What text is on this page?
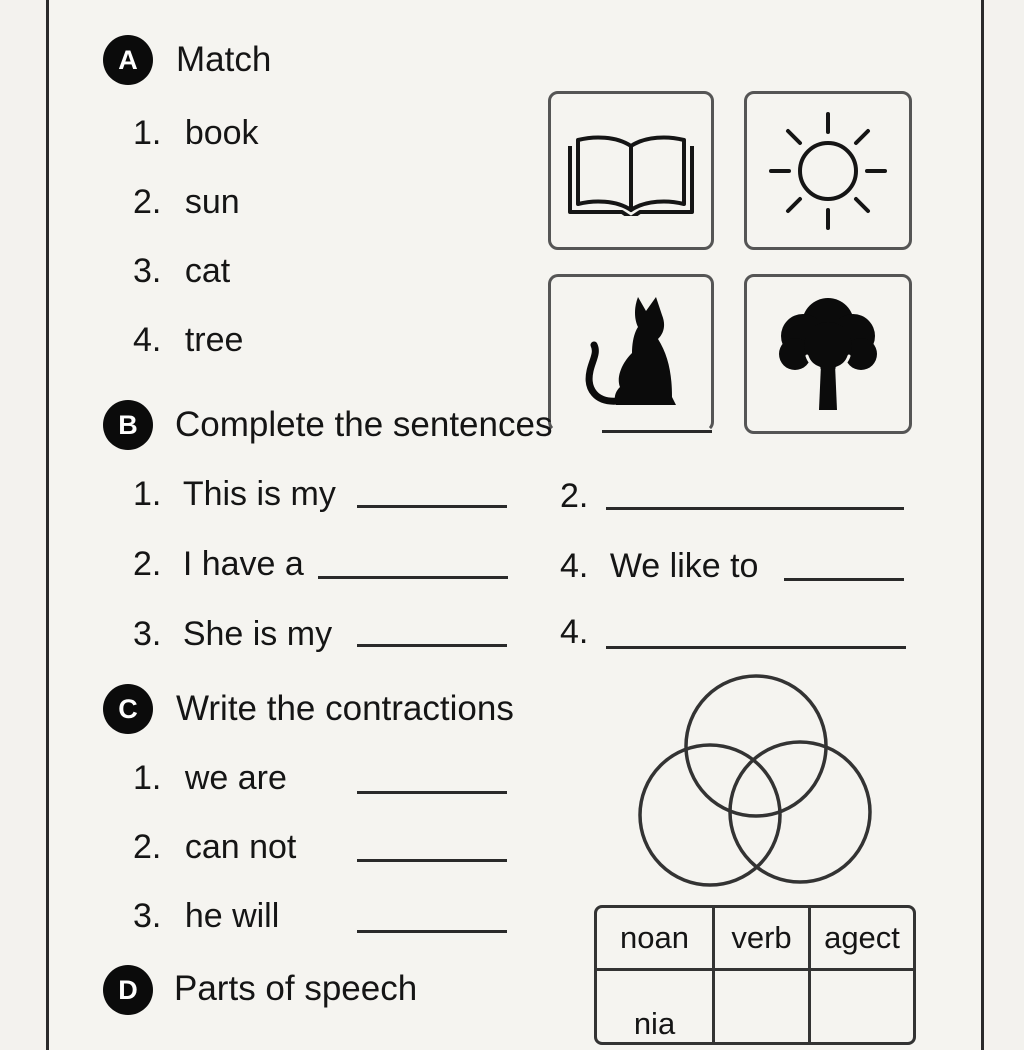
A Match
1. book
2. sun
3. cat
4. tree
B Complete the sentences
1. This is my
2. I have a
3. She is my
2.
4. We like to
4.
C Write the contractions
1. we are
2. can not
3. he will
D Parts of speech
noan	verb	agect
nia		
